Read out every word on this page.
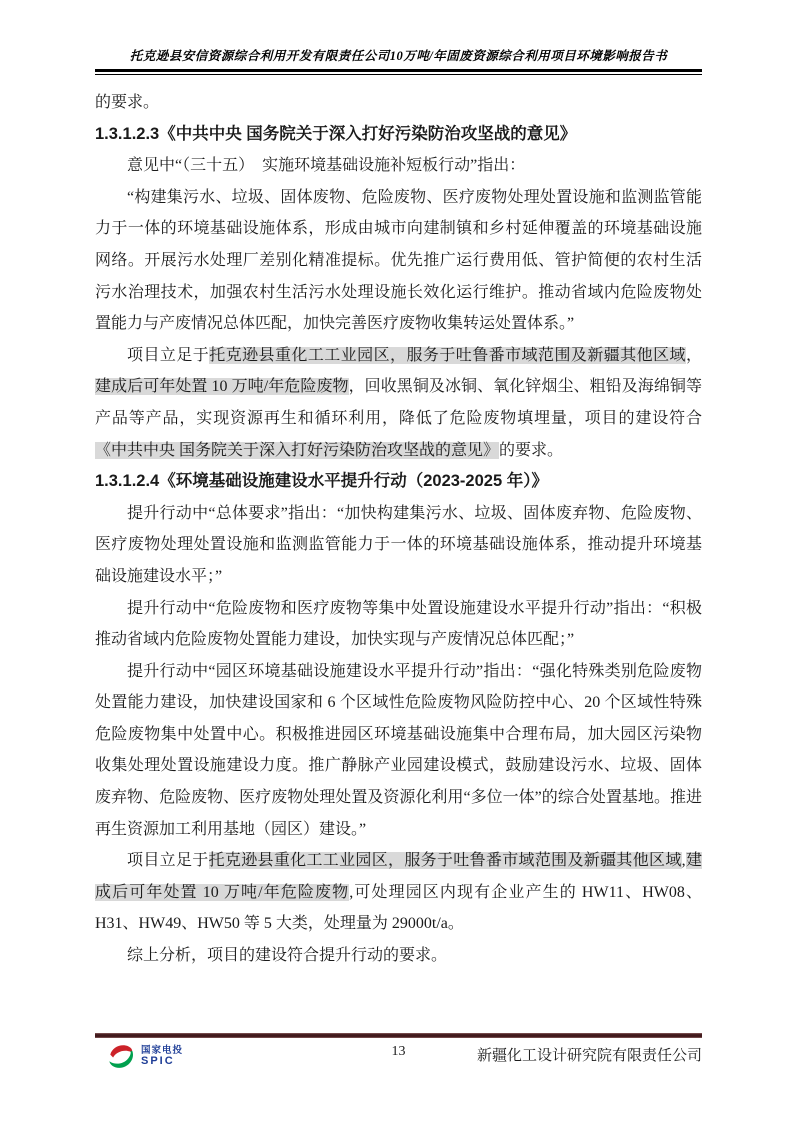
托克逊县安信资源综合利用开发有限责任公司10万吨/年固废资源综合利用项目环境影响报告书

的要求。

1.3.1.2.3《中共中央 国务院关于深入打好污染防治攻坚战的意见》

意见中“（三十五）　实施环境基础设施补短板行动”指出：

“构建集污水、垃圾、固体废物、危险废物、医疗废物处理处置设施和监测监管能力于一体的环境基础设施体系，形成由城市向建制镇和乡村延伸覆盖的环境基础设施网络。开展污水处理厂差别化精准提标。优先推广运行费用低、管护简便的农村生活污水治理技术，加强农村生活污水处理设施长效化运行维护。推动省域内危险废物处置能力与产废情况总体匹配，加快完善医疗废物收集转运处置体系。”

项目立足于托克逊县重化工工业园区，服务于吐鲁番市域范围及新疆其他区域，建成后可年处置 10 万吨/年危险废物，回收黑铜及冰铜、氧化锌烟尘、粗铅及海绵铜等产品等产品，实现资源再生和循环利用，降低了危险废物填埋量，项目的建设符合《中共中央 国务院关于深入打好污染防治攻坚战的意见》的要求。

1.3.1.2.4《环境基础设施建设水平提升行动（2023-2025 年）》

提升行动中“总体要求”指出：“加快构建集污水、垃圾、固体废弃物、危险废物、医疗废物处理处置设施和监测监管能力于一体的环境基础设施体系，推动提升环境基础设施建设水平；”

提升行动中“危险废物和医疗废物等集中处置设施建设水平提升行动”指出：“积极推动省域内危险废物处置能力建设，加快实现与产废情况总体匹配；”

提升行动中“园区环境基础设施建设水平提升行动”指出：“强化特殊类别危险废物处置能力建设，加快建设国家和 6 个区域性危险废物风险防控中心、20 个区域性特殊危险废物集中处置中心。积极推进园区环境基础设施集中合理布局，加大园区污染物收集处理处置设施建设力度。推广静脉产业园建设模式，鼓励建设污水、垃圾、固体废弃物、危险废物、医疗废物处理处置及资源化利用“多位一体”的综合处置基地。推进再生资源加工利用基地（园区）建设。”

项目立足于托克逊县重化工工业园区，服务于吐鲁番市域范围及新疆其他区域,建成后可年处置 10 万吨/年危险废物,可处理园区内现有企业产生的 HW11、HW08、H31、HW49、HW50 等 5 大类，处理量为 29000t/a。

综上分析，项目的建设符合提升行动的要求。

国家电投
SPIC
13	新疆化工设计研究院有限责任公司
